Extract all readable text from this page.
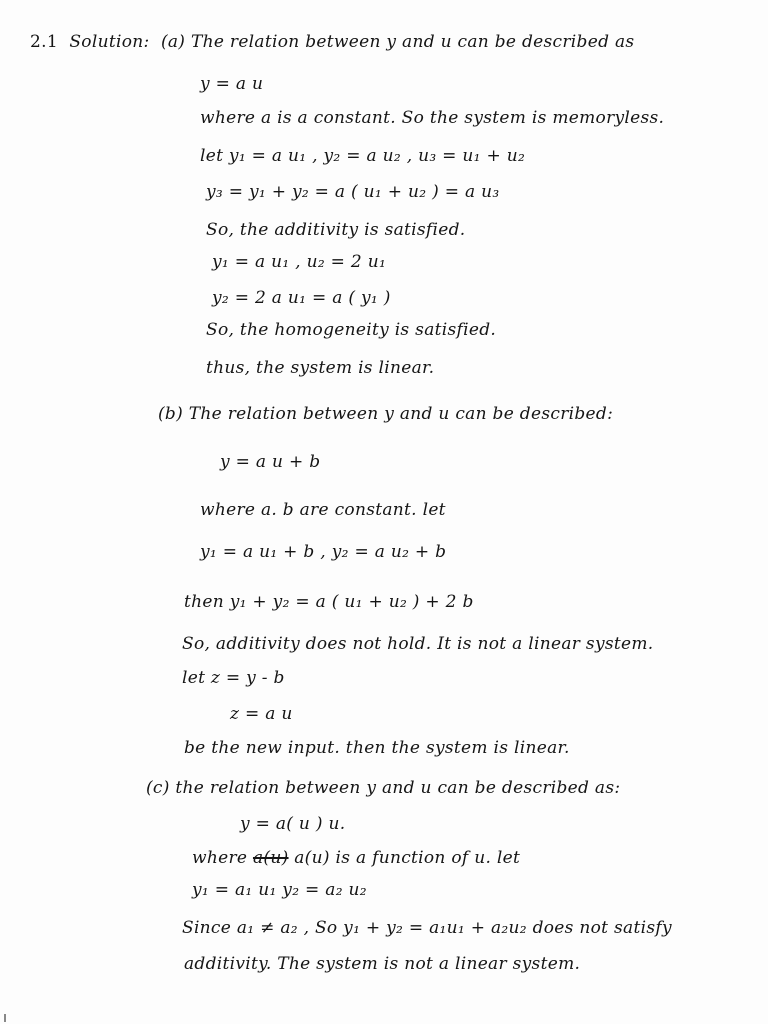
2.1 Solution: (a) The relation between y and u can be described as
y = a u
where a is a constant. So the system is memoryless.
let y₁ = a u₁ , y₂ = a u₂ , u₃ = u₁ + u₂
y₃ = y₁ + y₂ = a ( u₁ + u₂ ) = a u₃
So, the additivity is satisfied.
y₁ = a u₁ , u₂ = 2 u₁
y₂ = 2 a u₁ = a ( y₁ )
So, the homogeneity is satisfied.
thus, the system is linear.
(b) The relation between y and u can be described:
y = a u + b
where a. b are constant. let
y₁ = a u₁ + b , y₂ = a u₂ + b
then y₁ + y₂ = a ( u₁ + u₂ ) + 2 b
So, additivity does not hold. It is not a linear system.
let z = y - b
z = a u
be the new input. then the system is linear.
(c) the relation between y and u can be described as:
y = a( u ) u.
where a(u) a(u) is a function of u. let
y₁ = a₁ u₁ y₂ = a₂ u₂
Since a₁ ≠ a₂ , So y₁ + y₂ = a₁u₁ + a₂u₂ does not satisfy
additivity. The system is not a linear system.
